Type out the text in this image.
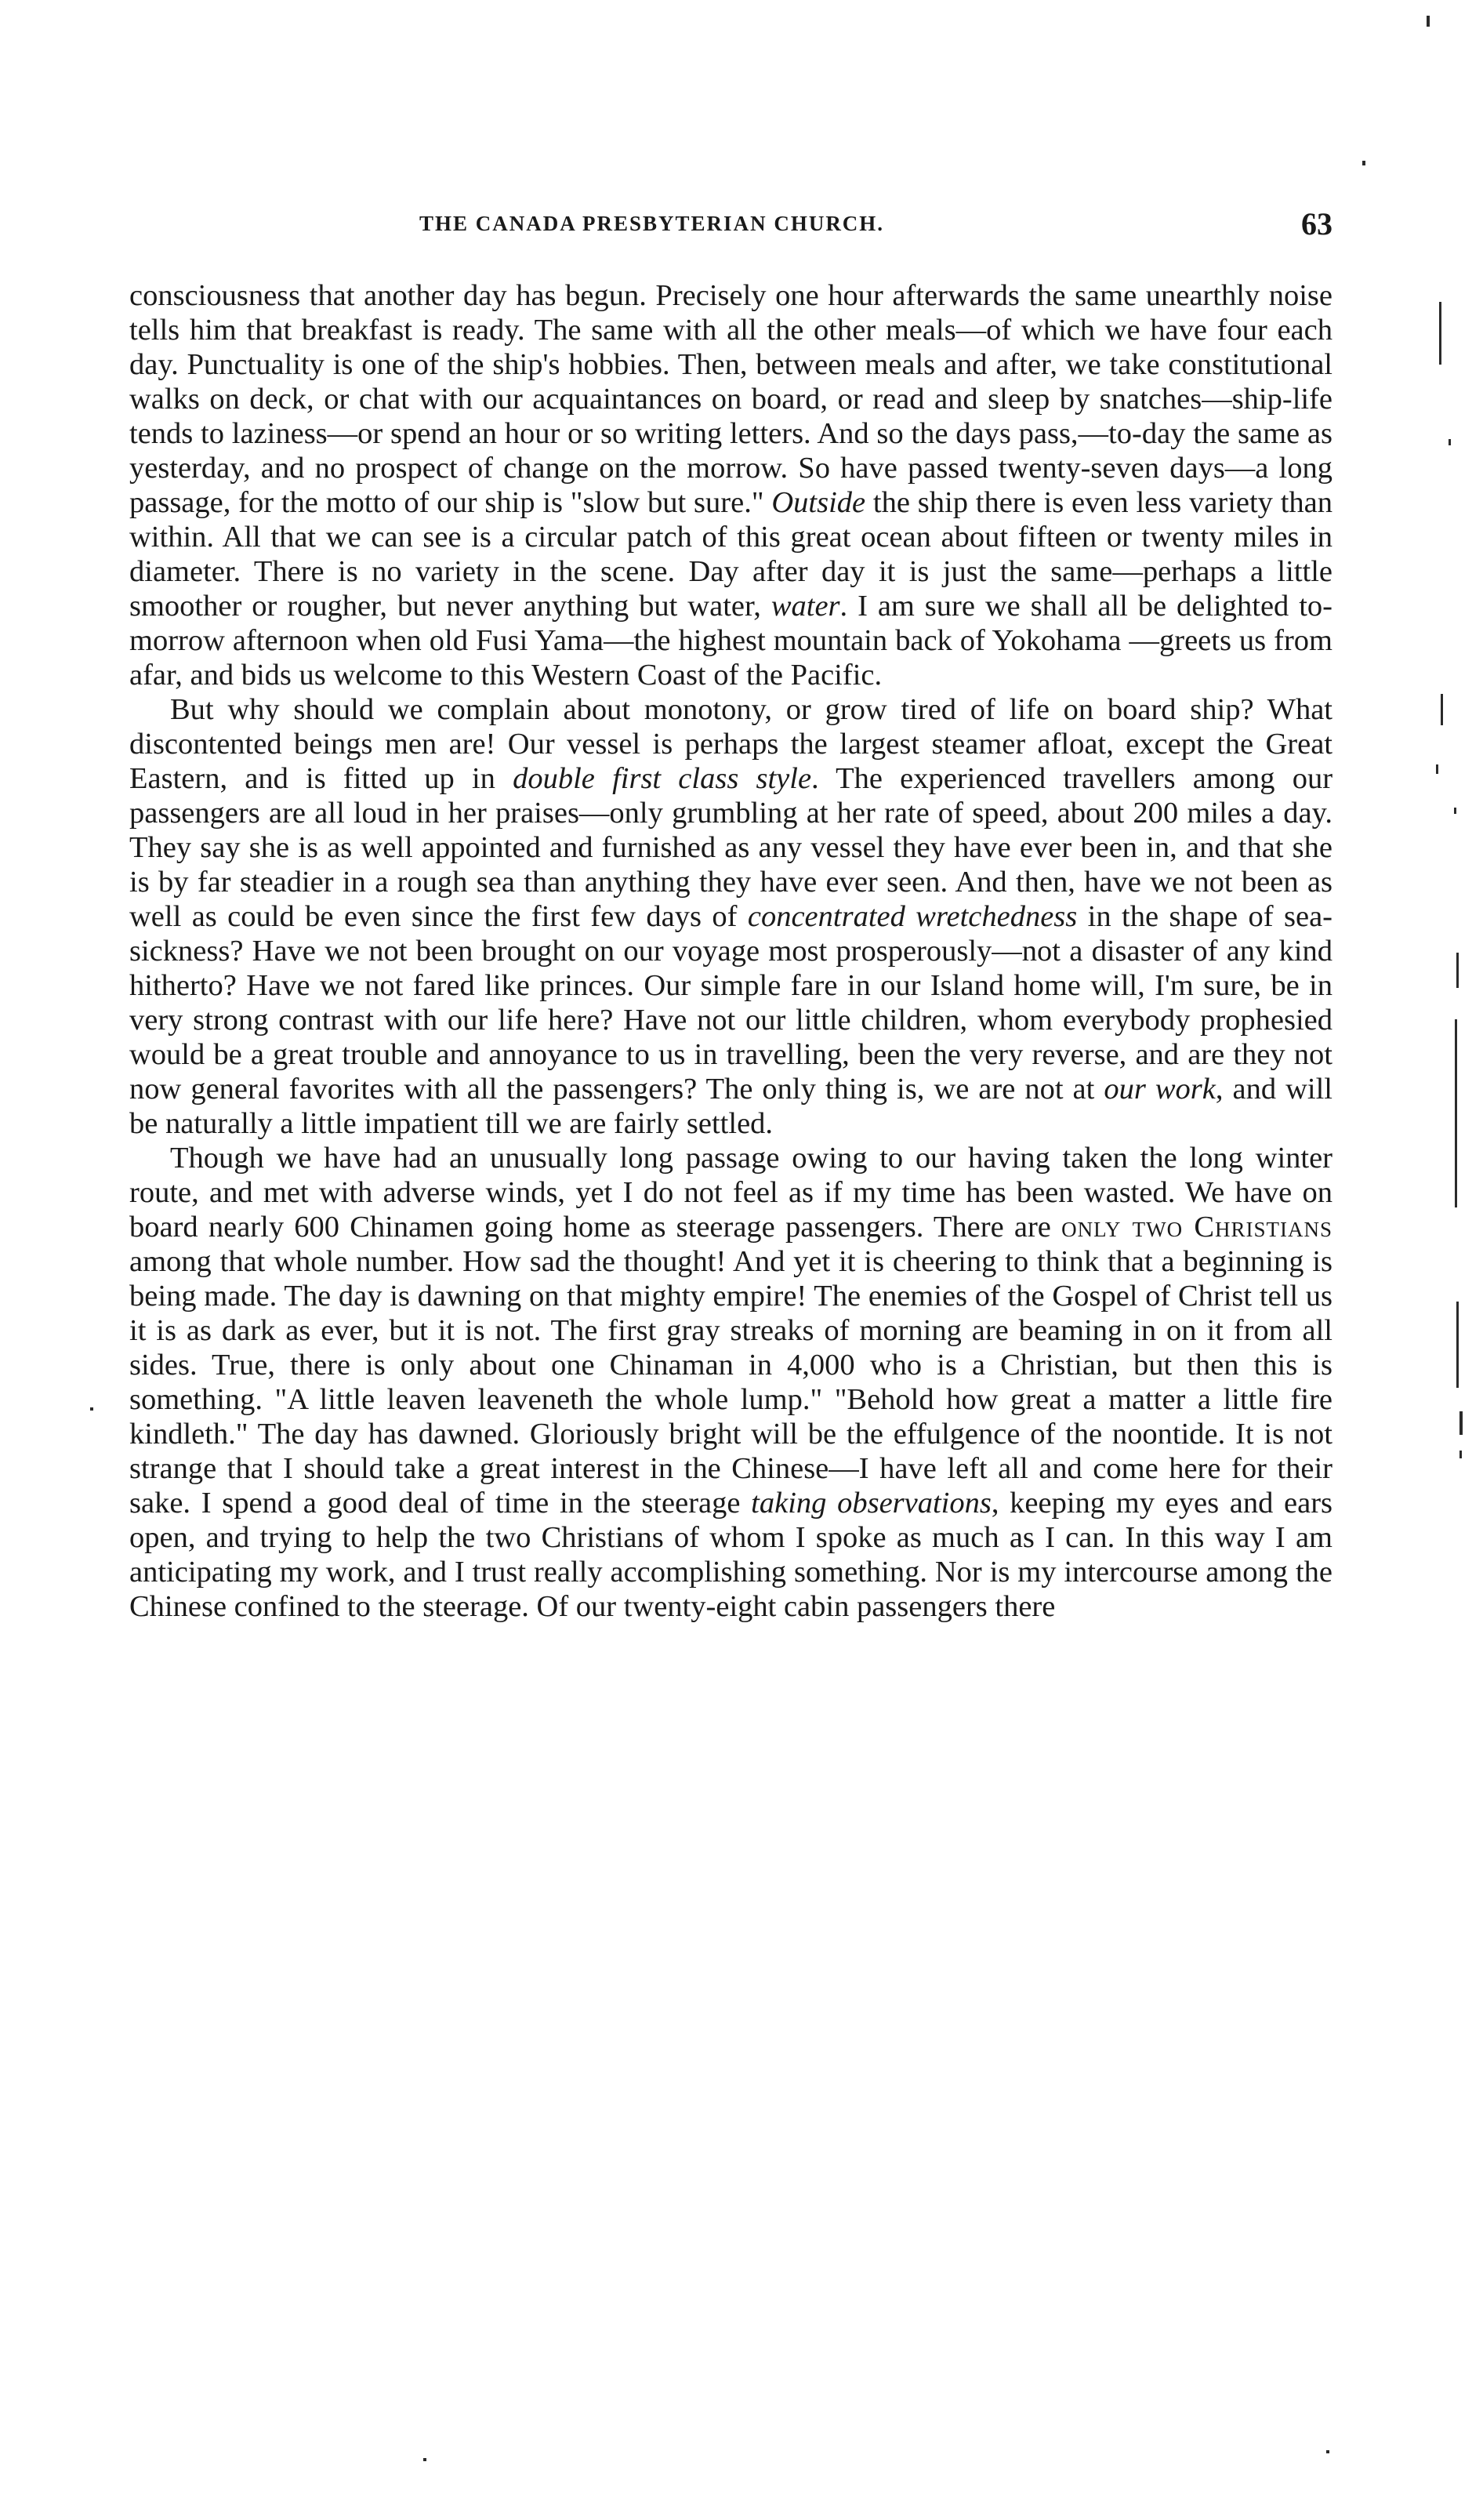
THE CANADA PRESBYTERIAN CHURCH.	63

consciousness that another day has begun. Precisely one hour afterwards the same unearthly noise tells him that breakfast is ready. The same with all the other meals—of which we have four each day. Punctuality is one of the ship's hobbies. Then, between meals and after, we take constitutional walks on deck, or chat with our acquaintances on board, or read and sleep by snatches—ship-life tends to laziness—or spend an hour or so writing letters. And so the days pass,—to-day the same as yesterday, and no prospect of change on the morrow. So have passed twenty-seven days—a long passage, for the motto of our ship is "slow but sure." Outside the ship there is even less variety than within. All that we can see is a circular patch of this great ocean about fifteen or twenty miles in diameter. There is no variety in the scene. Day after day it is just the same—perhaps a little smoother or rougher, but never anything but water, water. I am sure we shall all be delighted to-morrow afternoon when old Fusi Yama—the highest mountain back of Yokohama —greets us from afar, and bids us welcome to this Western Coast of the Pacific.

But why should we complain about monotony, or grow tired of life on board ship? What discontented beings men are! Our vessel is perhaps the largest steamer afloat, except the Great Eastern, and is fitted up in double first class style. The experienced travellers among our passengers are all loud in her praises—only grumbling at her rate of speed, about 200 miles a day. They say she is as well appointed and furnished as any vessel they have ever been in, and that she is by far steadier in a rough sea than anything they have ever seen. And then, have we not been as well as could be even since the first few days of concentrated wretchedness in the shape of sea-sickness? Have we not been brought on our voyage most prosperously—not a disaster of any kind hitherto? Have we not fared like princes. Our simple fare in our Island home will, I'm sure, be in very strong contrast with our life here? Have not our little children, whom everybody prophesied would be a great trouble and annoyance to us in travelling, been the very reverse, and are they not now general favorites with all the passengers? The only thing is, we are not at our work, and will be naturally a little impatient till we are fairly settled.

Though we have had an unusually long passage owing to our having taken the long winter route, and met with adverse winds, yet I do not feel as if my time has been wasted. We have on board nearly 600 Chinamen going home as steerage passengers. There are only two Christians among that whole number. How sad the thought! And yet it is cheering to think that a beginning is being made. The day is dawning on that mighty empire! The enemies of the Gospel of Christ tell us it is as dark as ever, but it is not. The first gray streaks of morning are beaming in on it from all sides. True, there is only about one Chinaman in 4,000 who is a Christian, but then this is something. "A little leaven leaveneth the whole lump." "Behold how great a matter a little fire kindleth." The day has dawned. Gloriously bright will be the effulgence of the noontide. It is not strange that I should take a great interest in the Chinese—I have left all and come here for their sake. I spend a good deal of time in the steerage taking observations, keeping my eyes and ears open, and trying to help the two Christians of whom I spoke as much as I can. In this way I am anticipating my work, and I trust really accomplishing something. Nor is my intercourse among the Chinese confined to the steerage. Of our twenty-eight cabin passengers there
